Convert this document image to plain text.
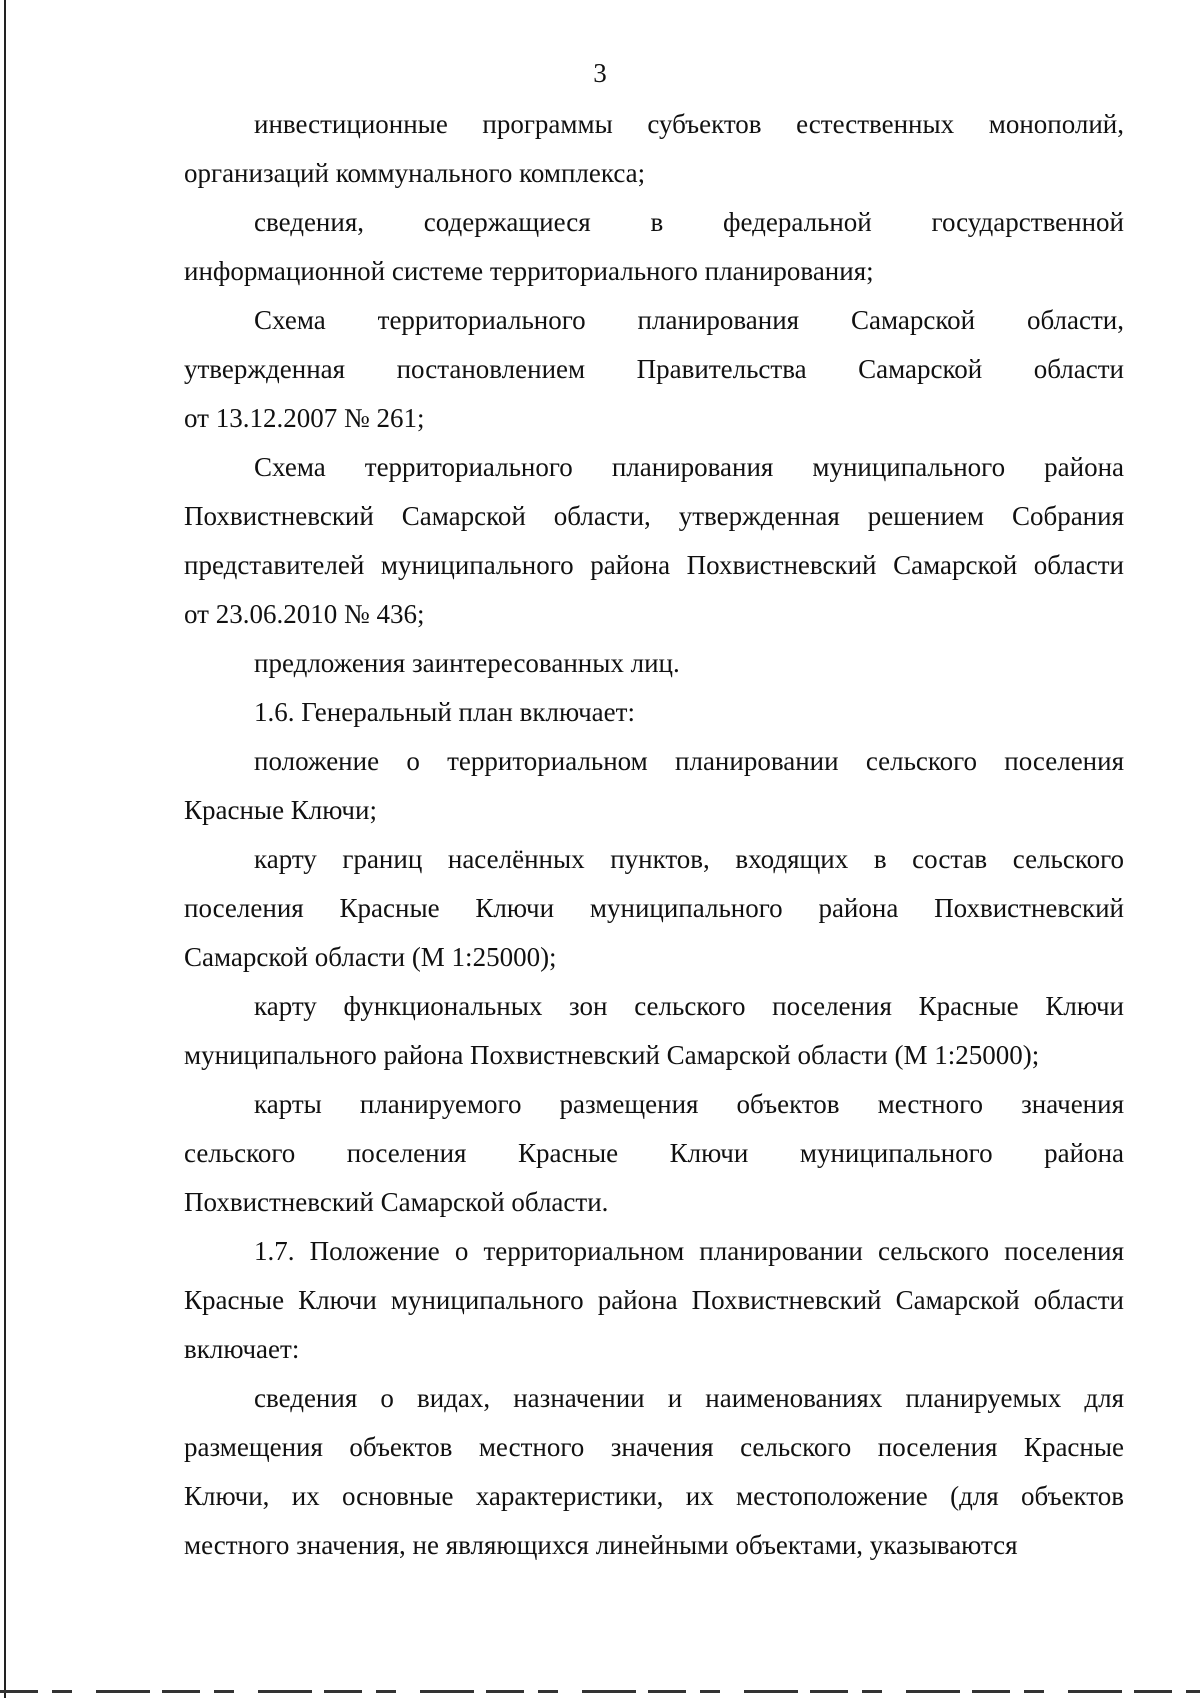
3
инвестиционные программы субъектов естественных монополий,
организаций коммунального комплекса;
сведения, содержащиеся в федеральной государственной
информационной системе территориального планирования;
Схема территориального планирования Самарской области,
утвержденная постановлением Правительства Самарской области
от 13.12.2007 № 261;
Схема территориального планирования муниципального района
Похвистневский Самарской области, утвержденная решением Собрания
представителей муниципального района Похвистневский Самарской области
от 23.06.2010 № 436;
предложения заинтересованных лиц.
1.6. Генеральный план включает:
положение о территориальном планировании сельского поселения
Красные Ключи;
карту границ населённых пунктов, входящих в состав сельского
поселения Красные Ключи муниципального района Похвистневский
Самарской области (М 1:25000);
карту функциональных зон сельского поселения Красные Ключи
муниципального района Похвистневский Самарской области (М 1:25000);
карты планируемого размещения объектов местного значения
сельского поселения Красные Ключи муниципального района
Похвистневский Самарской области.
1.7. Положение о территориальном планировании сельского поселения
Красные Ключи муниципального района Похвистневский Самарской области
включает:
сведения о видах, назначении и наименованиях планируемых для
размещения объектов местного значения сельского поселения Красные
Ключи, их основные характеристики, их местоположение (для объектов
местного значения, не являющихся линейными объектами, указываются
